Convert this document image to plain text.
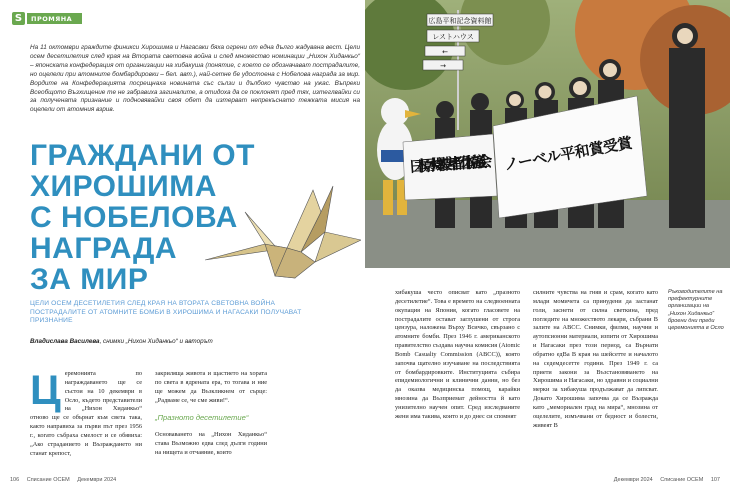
S	ПРОМЯНА

На 11 октомври граждите финикси Хирошима и Нагасаки бяха огрени от една дълго жадувана вест. Цели осем десетилетия след края на Втората световна война и след множество номинации „Нихон Хиданкьо“ – японската конфедерация от организации на хибакуша (понятие, с което се обозначават пострадалите, но оцелели при атомните бомбардировки – бел. авт.), най-сетне бе удостоена с Нобелова награда за мир. Вордите на Конфедерацията посрещнаха новината със сълзи и дълбоко чувство на ужас. Въпреки Всеобщото Възхищение те не забравиха загиналите, а отидоха да се поклонят пред тях, изтеглвайки си за получената признание и подновявайки своя обет да изтерват непрекъснато тежката мисия на оцелели от атомния взрив.

ГРАЖДАНИ ОТ
ХИРОШИМА
С НОБЕЛОВА
НАГРАДА
ЗА МИР

ЦЕЛИ ОСЕМ ДЕСЕТИЛЕТИЯ СЛЕД КРАЯ НА ВТОРАТА СВЕТОВНА ВОЙНА ПОСТРАДАЛИТЕ ОТ АТОМНИТЕ БОМБИ В ХИРОШИМА И НАГАСАКИ ПОЛУЧАВАТ ПРИЗНАНИЕ

Владислава Василева, снимки „Нихон Хиданкьо“ и авторът
Ц еремонията по награждаването ще се състои на 10 декември в Осло, където представители на „Нихон Хиданкьо“ отново ще се обърнат към света така, както направиха за първи път през 1956 г., когато събраха смелост и се обявиха: „Ако страданието и Възраждането ни станат крепост,

закриляща живота и щастието на хората по света в ядрената ера, то тогава и ние ще можем да Възкликнем от сърце: „Радваме се, че сме живи!“.

„Празното десетилетие“

Основаването на „Нихон Хиданкьо“ става Възможно едва след дълги години на нищета и отчаяние, които

106 Списание ОСЕМ Декември 2024
広島平和記念資料館
レストハウス
←
→
日本原水爆被害者団体協議会 ノーベル平和賞受賞
хибакуша често описват като „празното десетилетие“. Това е времето на следвоенната окупация на Япония, когато гласовете на пострадалите остават заглушени от строга цензура, наложена Върху Всичко, свързано с атомните бомби. През 1946 г. американското правителство създава научна комисия (Atomic Bomb Casualty Commission (ABCC)), която започва щателно изучаване на последствията от бомбардировките. Институцията събира епидемиологични и клинични данни, но без да оказва медицинска помощ, карайки мнозина да Възприемат дейността й като унизително научен опит. Сред изследваните жени има такива, които и до днес си спомнят
силните чувства на гняв и срам, когато като млади момичета са принудени да застанат голи, заснети от силна светкина, пред погледите на множеството лекари, събрани В залите на ABCC. Снимки, филми, научни и аутопсионни материали, изпити от Хирошима и Нагасаки през този период, са Върнати обратно едВа В края на шейсетте и началото на седемдесетте години. През 1949 г. са приети закони за Възстановяването на Хирошима и Нагасаки, но здравни и социални мерки за хибакуша продължават да липсват. Докато Хирошима започва да се Възражда като „мемориален град на мира“, мнозина от оцелелите, измъчвани от бедност и болести, живеят В

Ръководителите на префектурните организации на „Нихон Хиданкьо“ броени дни преди церемонията в Осло

Декември 2024 Списание ОСЕМ 107
